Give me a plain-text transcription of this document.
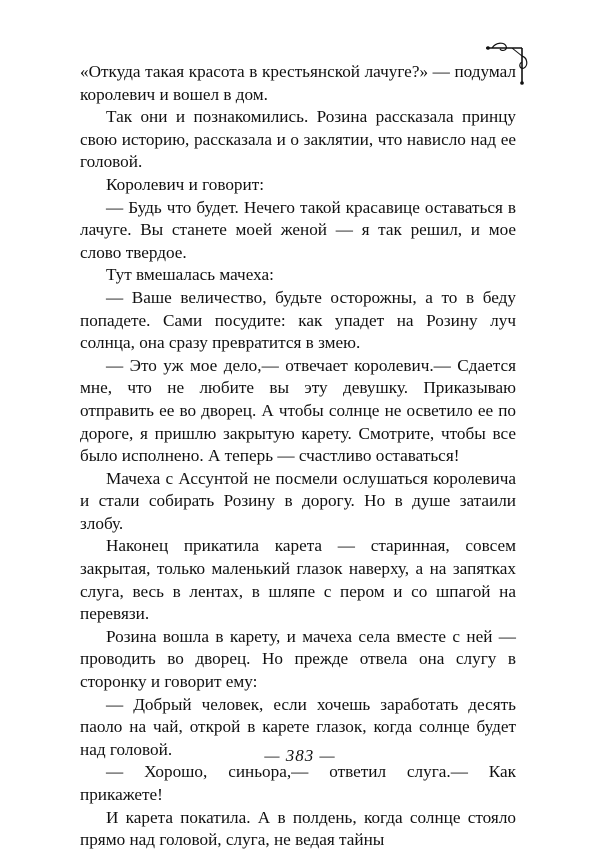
«Откуда такая красота в крестьянской лачуге?» — подумал королевич и вошел в дом.

Так они и познакомились. Розина рассказала принцу свою историю, рассказала и о заклятии, что нависло над ее головой.

Королевич и говорит:

— Будь что будет. Нечего такой красавице оставаться в лачуге. Вы станете моей женой — я так решил, и мое слово твердое.

Тут вмешалась мачеха:

— Ваше величество, будьте осторожны, а то в беду попадете. Сами посудите: как упадет на Розину луч солнца, она сразу превратится в змею.

— Это уж мое дело,— отвечает королевич.— Сдается мне, что не любите вы эту девушку. Приказываю отправить ее во дворец. А чтобы солнце не осветило ее по дороге, я пришлю закрытую карету. Смотрите, чтобы все было исполнено. А теперь — счастливо оставаться!

Мачеха с Ассунтой не посмели ослушаться королевича и стали собирать Розину в дорогу. Но в душе затаили злобу.

Наконец прикатила карета — старинная, совсем закрытая, только маленький глазок наверху, а на запятках слуга, весь в лентах, в шляпе с пером и со шпагой на перевязи.

Розина вошла в карету, и мачеха села вместе с ней — проводить во дворец. Но прежде отвела она слугу в сторонку и говорит ему:

— Добрый человек, если хочешь заработать десять паоло на чай, открой в карете глазок, когда солнце будет над головой.

— Хорошо, синьора,— ответил слуга.— Как прикажете!

И карета покатила. А в полдень, когда солнце стояло прямо над головой, слуга, не ведая тайны

— 383 —
